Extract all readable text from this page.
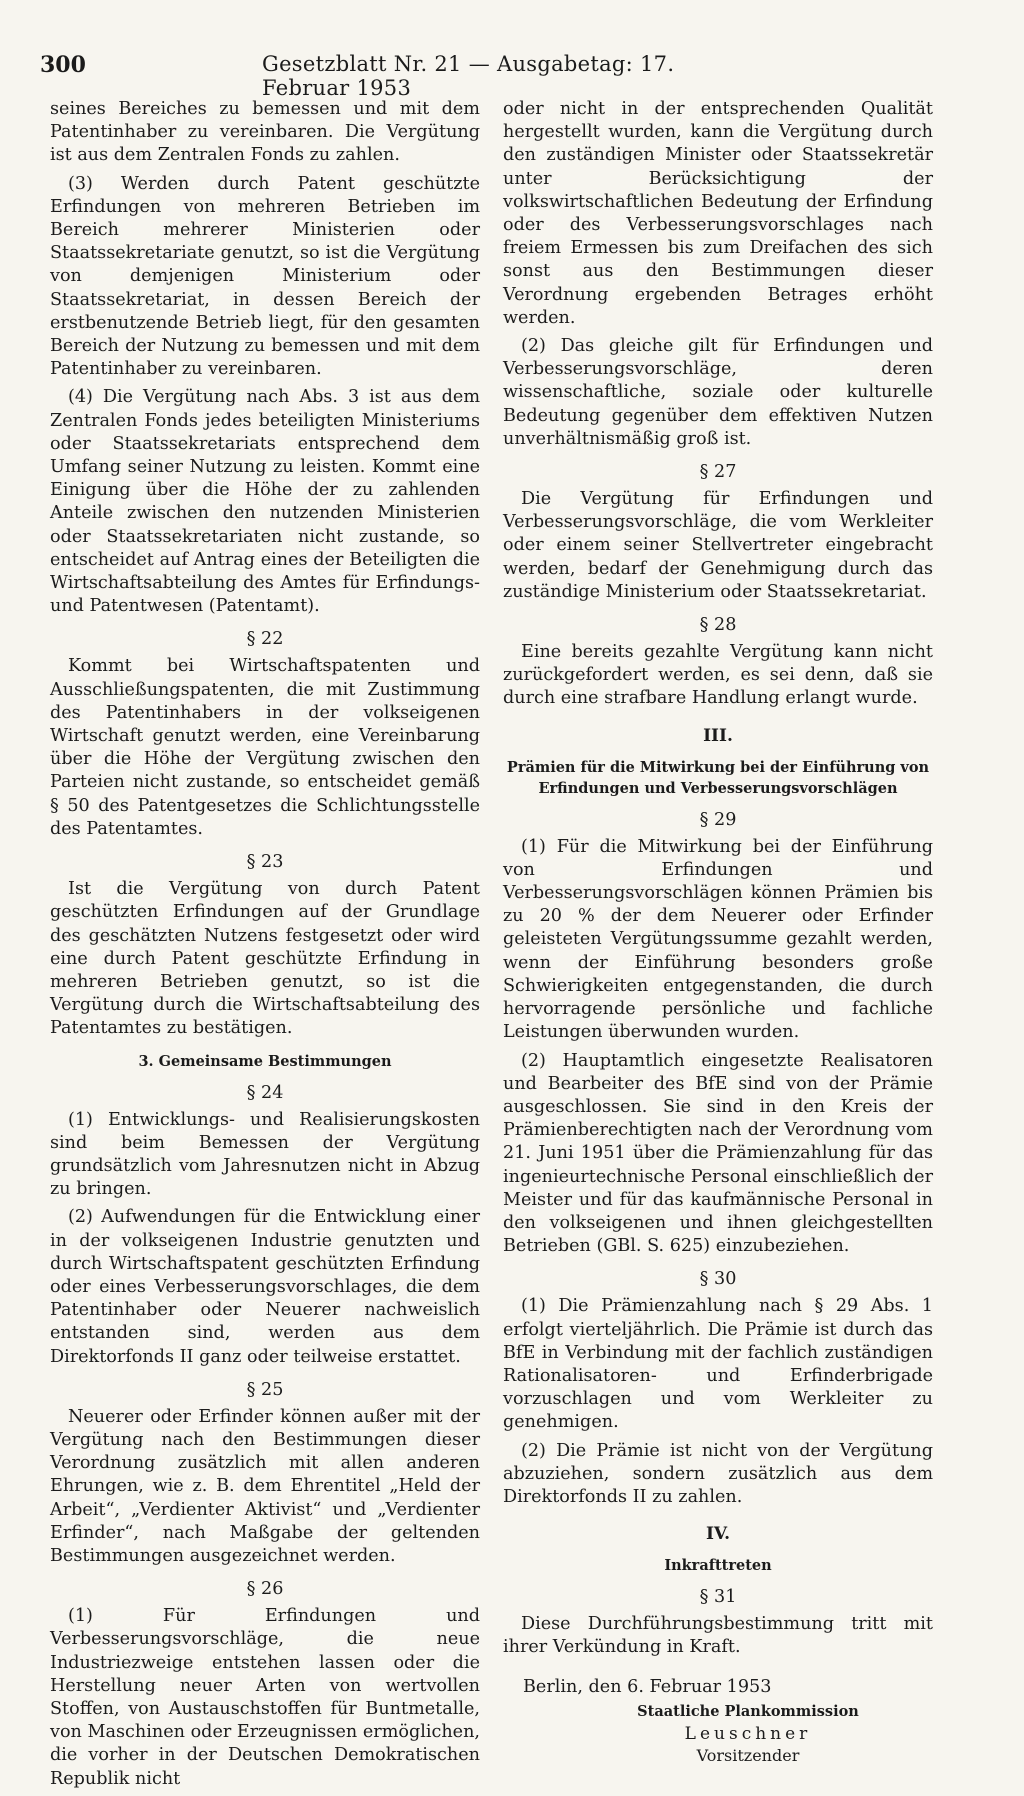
300	Gesetzblatt Nr. 21 — Ausgabetag: 17. Februar 1953

seines Bereiches zu bemessen und mit dem Patentinhaber zu vereinbaren. Die Vergütung ist aus dem Zentralen Fonds zu zahlen.

(3) Werden durch Patent geschützte Erfindungen von mehreren Betrieben im Bereich mehrerer Ministerien oder Staatssekretariate genutzt, so ist die Vergütung von demjenigen Ministerium oder Staatssekretariat, in dessen Bereich der erstbenutzende Betrieb liegt, für den gesamten Bereich der Nutzung zu bemessen und mit dem Patentinhaber zu vereinbaren.

(4) Die Vergütung nach Abs. 3 ist aus dem Zentralen Fonds jedes beteiligten Ministeriums oder Staatssekretariats entsprechend dem Umfang seiner Nutzung zu leisten. Kommt eine Einigung über die Höhe der zu zahlenden Anteile zwischen den nutzenden Ministerien oder Staatssekretariaten nicht zustande, so entscheidet auf Antrag eines der Beteiligten die Wirtschaftsabteilung des Amtes für Erfindungs- und Patentwesen (Patentamt).

§ 22

Kommt bei Wirtschaftspatenten und Ausschließungspatenten, die mit Zustimmung des Patentinhabers in der volkseigenen Wirtschaft genutzt werden, eine Vereinbarung über die Höhe der Vergütung zwischen den Parteien nicht zustande, so entscheidet gemäß § 50 des Patentgesetzes die Schlichtungsstelle des Patentamtes.

§ 23

Ist die Vergütung von durch Patent geschützten Erfindungen auf der Grundlage des geschätzten Nutzens festgesetzt oder wird eine durch Patent geschützte Erfindung in mehreren Betrieben genutzt, so ist die Vergütung durch die Wirtschaftsabteilung des Patentamtes zu bestätigen.

3. Gemeinsame Bestimmungen
§ 24

(1) Entwicklungs- und Realisierungskosten sind beim Bemessen der Vergütung grundsätzlich vom Jahresnutzen nicht in Abzug zu bringen.

(2) Aufwendungen für die Entwicklung einer in der volkseigenen Industrie genutzten und durch Wirtschaftspatent geschützten Erfindung oder eines Verbesserungsvorschlages, die dem Patentinhaber oder Neuerer nachweislich entstanden sind, werden aus dem Direktorfonds II ganz oder teilweise erstattet.

§ 25

Neuerer oder Erfinder können außer mit der Vergütung nach den Bestimmungen dieser Verordnung zusätzlich mit allen anderen Ehrungen, wie z. B. dem Ehrentitel „Held der Arbeit“, „Verdienter Aktivist“ und „Verdienter Erfinder“, nach Maßgabe der geltenden Bestimmungen ausgezeichnet werden.

§ 26

(1) Für Erfindungen und Verbesserungsvorschläge, die neue Industriezweige entstehen lassen oder die Herstellung neuer Arten von wertvollen Stoffen, von Austauschstoffen für Buntmetalle, von Maschinen oder Erzeugnissen ermöglichen, die vorher in der Deutschen Demokratischen Republik nicht

oder nicht in der entsprechenden Qualität hergestellt wurden, kann die Vergütung durch den zuständigen Minister oder Staatssekretär unter Berücksichtigung der volkswirtschaftlichen Bedeutung der Erfindung oder des Verbesserungsvorschlages nach freiem Ermessen bis zum Dreifachen des sich sonst aus den Bestimmungen dieser Verordnung ergebenden Betrages erhöht werden.

(2) Das gleiche gilt für Erfindungen und Verbesserungsvorschläge, deren wissenschaftliche, soziale oder kulturelle Bedeutung gegenüber dem effektiven Nutzen unverhältnismäßig groß ist.

§ 27

Die Vergütung für Erfindungen und Verbesserungsvorschläge, die vom Werkleiter oder einem seiner Stellvertreter eingebracht werden, bedarf der Genehmigung durch das zuständige Ministerium oder Staatssekretariat.

§ 28

Eine bereits gezahlte Vergütung kann nicht zurückgefordert werden, es sei denn, daß sie durch eine strafbare Handlung erlangt wurde.

III.
Prämien für die Mitwirkung bei der Einführung von Erfindungen und Verbesserungsvorschlägen
§ 29

(1) Für die Mitwirkung bei der Einführung von Erfindungen und Verbesserungsvorschlägen können Prämien bis zu 20 % der dem Neuerer oder Erfinder geleisteten Vergütungssumme gezahlt werden, wenn der Einführung besonders große Schwierigkeiten entgegenstanden, die durch hervorragende persönliche und fachliche Leistungen überwunden wurden.

(2) Hauptamtlich eingesetzte Realisatoren und Bearbeiter des BfE sind von der Prämie ausgeschlossen. Sie sind in den Kreis der Prämienberechtigten nach der Verordnung vom 21. Juni 1951 über die Prämienzahlung für das ingenieurtechnische Personal einschließlich der Meister und für das kaufmännische Personal in den volkseigenen und ihnen gleichgestellten Betrieben (GBl. S. 625) einzubeziehen.

§ 30

(1) Die Prämienzahlung nach § 29 Abs. 1 erfolgt vierteljährlich. Die Prämie ist durch das BfE in Verbindung mit der fachlich zuständigen Rationalisatoren- und Erfinderbrigade vorzuschlagen und vom Werkleiter zu genehmigen.

(2) Die Prämie ist nicht von der Vergütung abzuziehen, sondern zusätzlich aus dem Direktorfonds II zu zahlen.

IV.
Inkrafttreten
§ 31

Diese Durchführungsbestimmung tritt mit ihrer Verkündung in Kraft.

Berlin, den 6. Februar 1953
Staatliche Plankommission
Leuschner
Vorsitzender
